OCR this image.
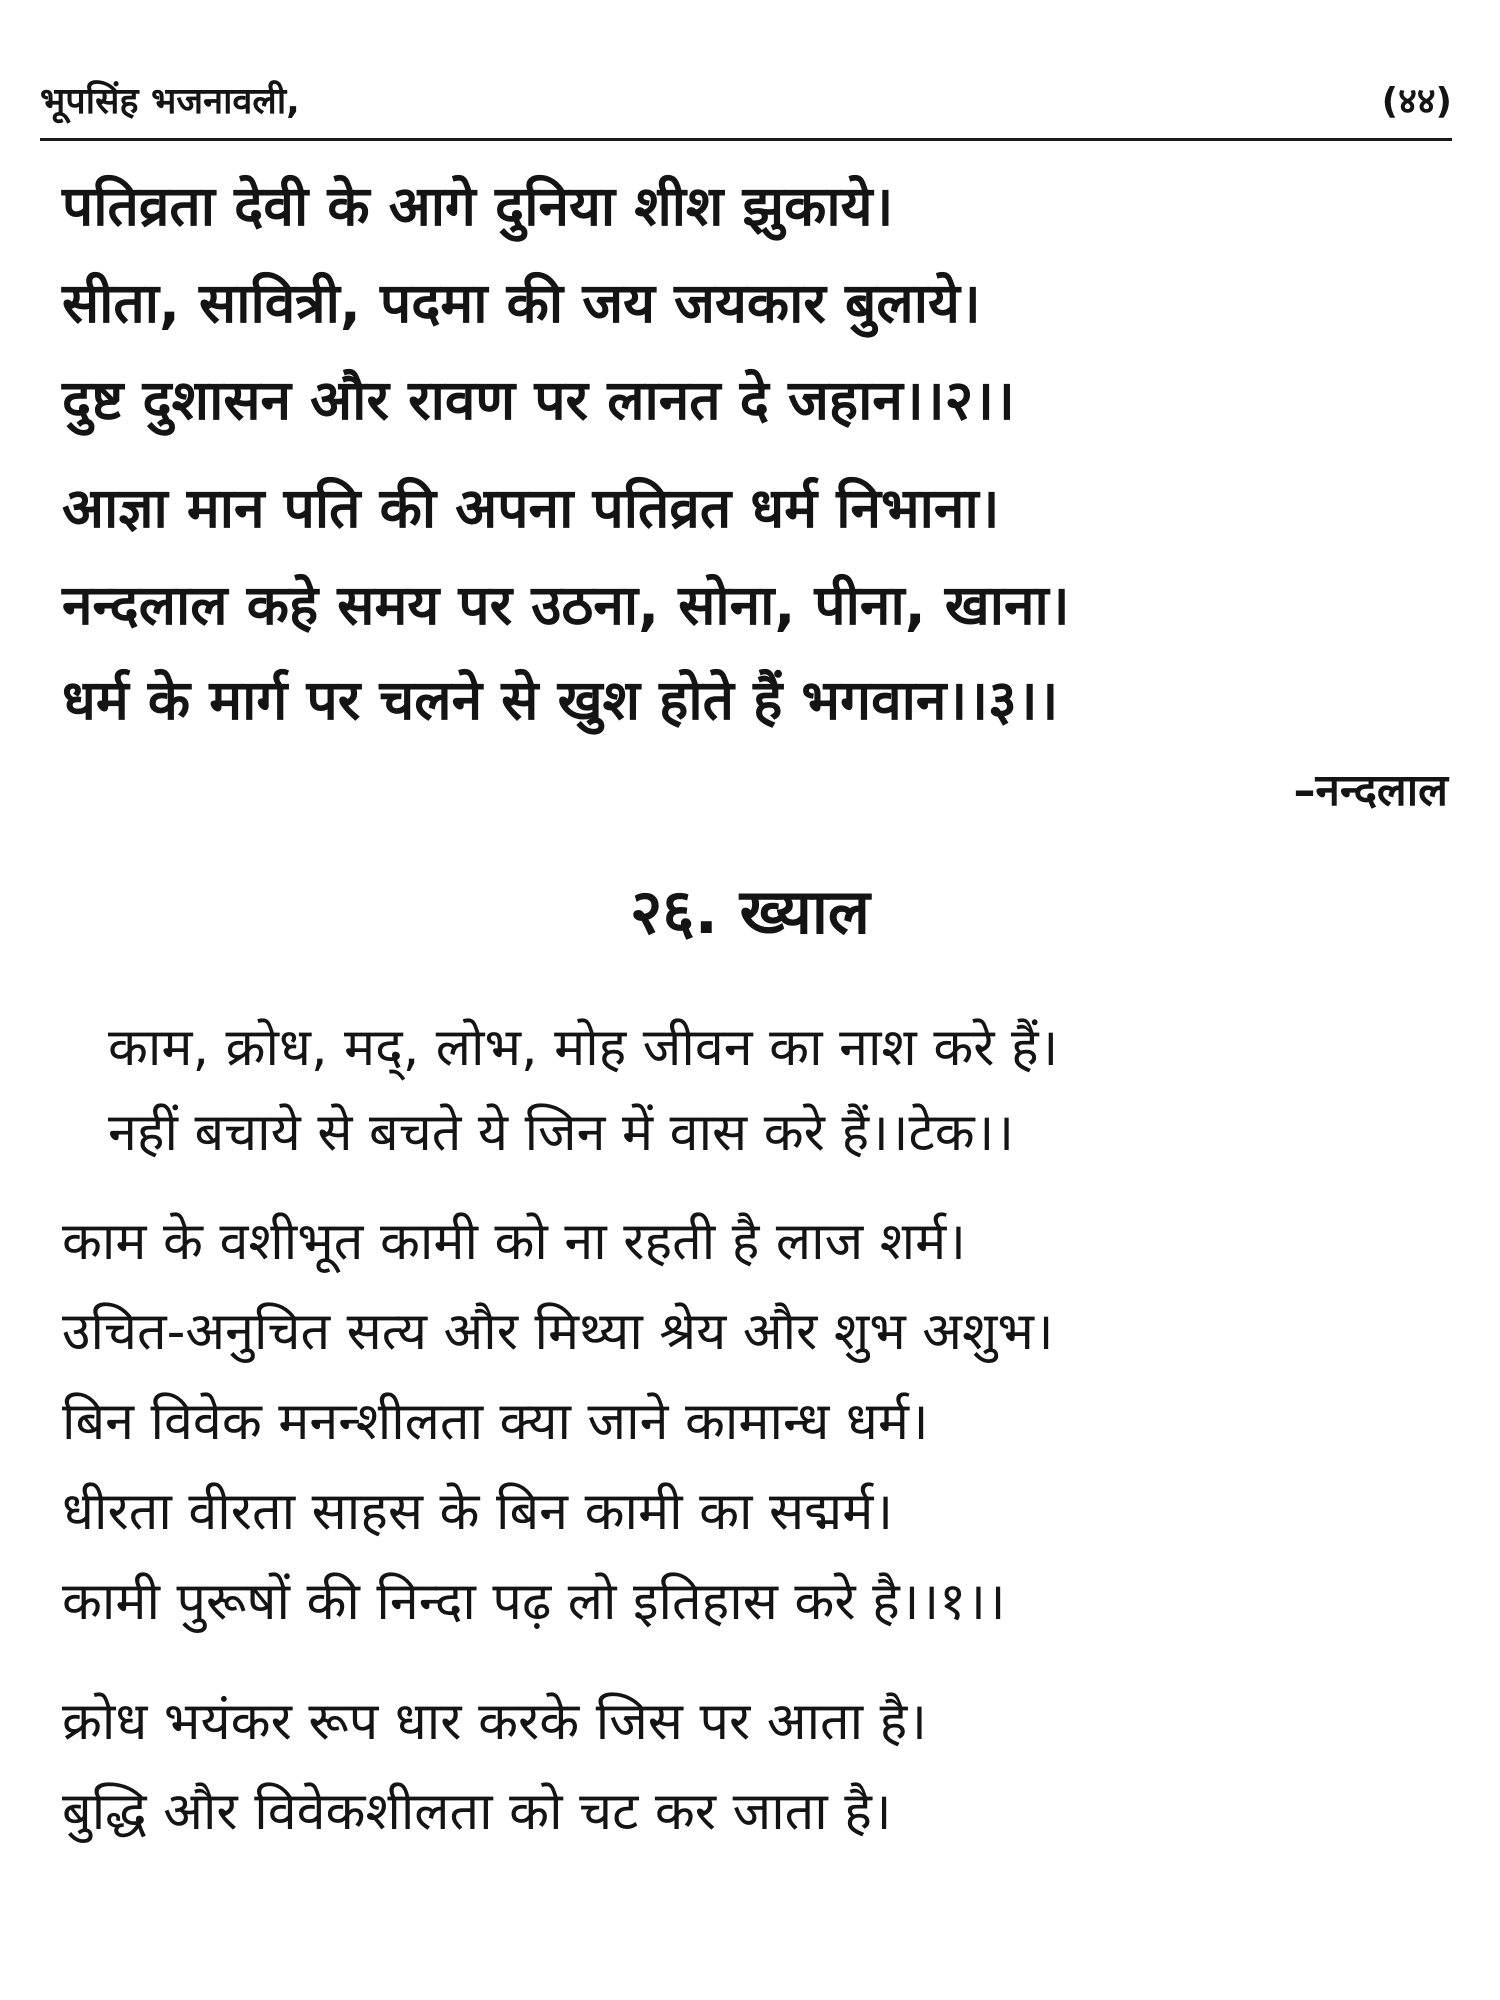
भूपसिंह भजनावली,	(४४)
पतिव्रता देवी के आगे दुनिया शीश झुकाये।
सीता, सावित्री, पदमा की जय जयकार बुलाये।
दुष्ट दुशासन और रावण पर लानत दे जहान।।२।।
आज्ञा मान पति की अपना पतिव्रत धर्म निभाना।
नन्दलाल कहे समय पर उठना, सोना, पीना, खाना।
धर्म के मार्ग पर चलने से खुश होते हैं भगवान।।३।।
–नन्दलाल
२६. ख्याल
काम, क्रोध, मद्, लोभ, मोह जीवन का नाश करे हैं।
नहीं बचाये से बचते ये जिन में वास करे हैं।।टेक।।
काम के वशीभूत कामी को ना रहती है लाज शर्म।
उचित-अनुचित सत्य और मिथ्या श्रेय और शुभ अशुभ।
बिन विवेक मनन्शीलता क्या जाने कामान्ध धर्म।
धीरता वीरता साहस के बिन कामी का सद्मर्म।
कामी पुरूषों की निन्दा पढ़ लो इतिहास करे है।।१।।
क्रोध भयंकर रूप धार करके जिस पर आता है।
बुद्धि और विवेकशीलता को चट कर जाता है।
